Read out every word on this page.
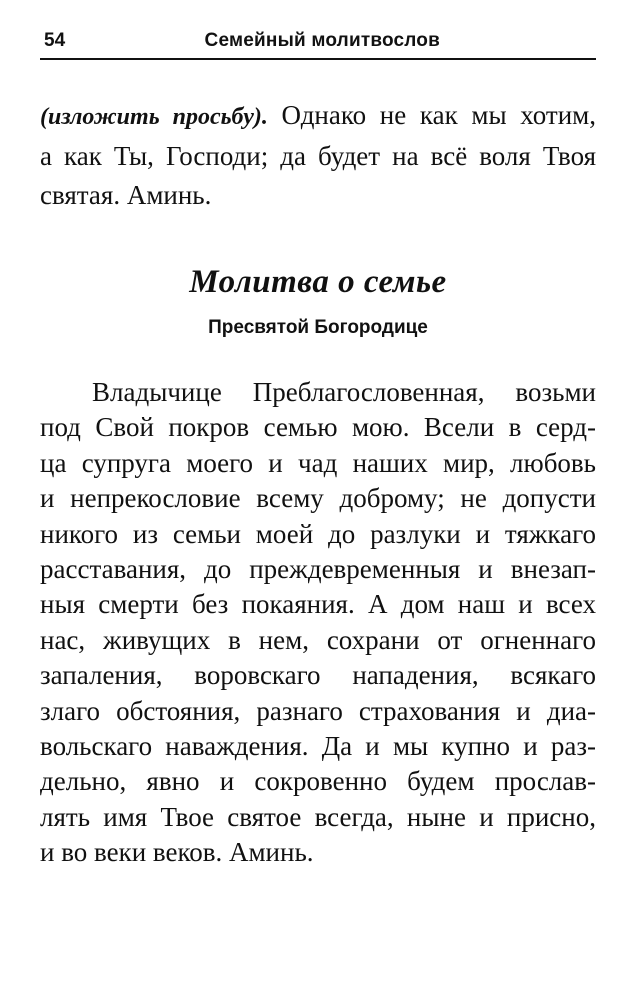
54	Семейный молитвослов
(изложить просьбу). Однако не как мы хотим,
а как Ты, Господи; да будет на всё воля Твоя
святая. Аминь.
Молитва о семье
Пресвятой Богородице
Владычице Преблагословенная, возьми
под Свой покров семью мою. Всели в серд-
ца супруга моего и чад наших мир, любовь
и непрекословие всему доброму; не допусти
никого из семьи моей до разлуки и тяжкаго
расставания, до преждевременныя и внезап-
ныя смерти без покаяния. А дом наш и всех
нас, живущих в нем, сохрани от огненнаго
запаления, воровскаго нападения, всякаго
злаго обстояния, разнаго страхования и диа-
вольскаго наваждения. Да и мы купно и раз-
дельно, явно и сокровенно будем прослав-
лять имя Твое святое всегда, ныне и присно,
и во веки веков. Аминь.
